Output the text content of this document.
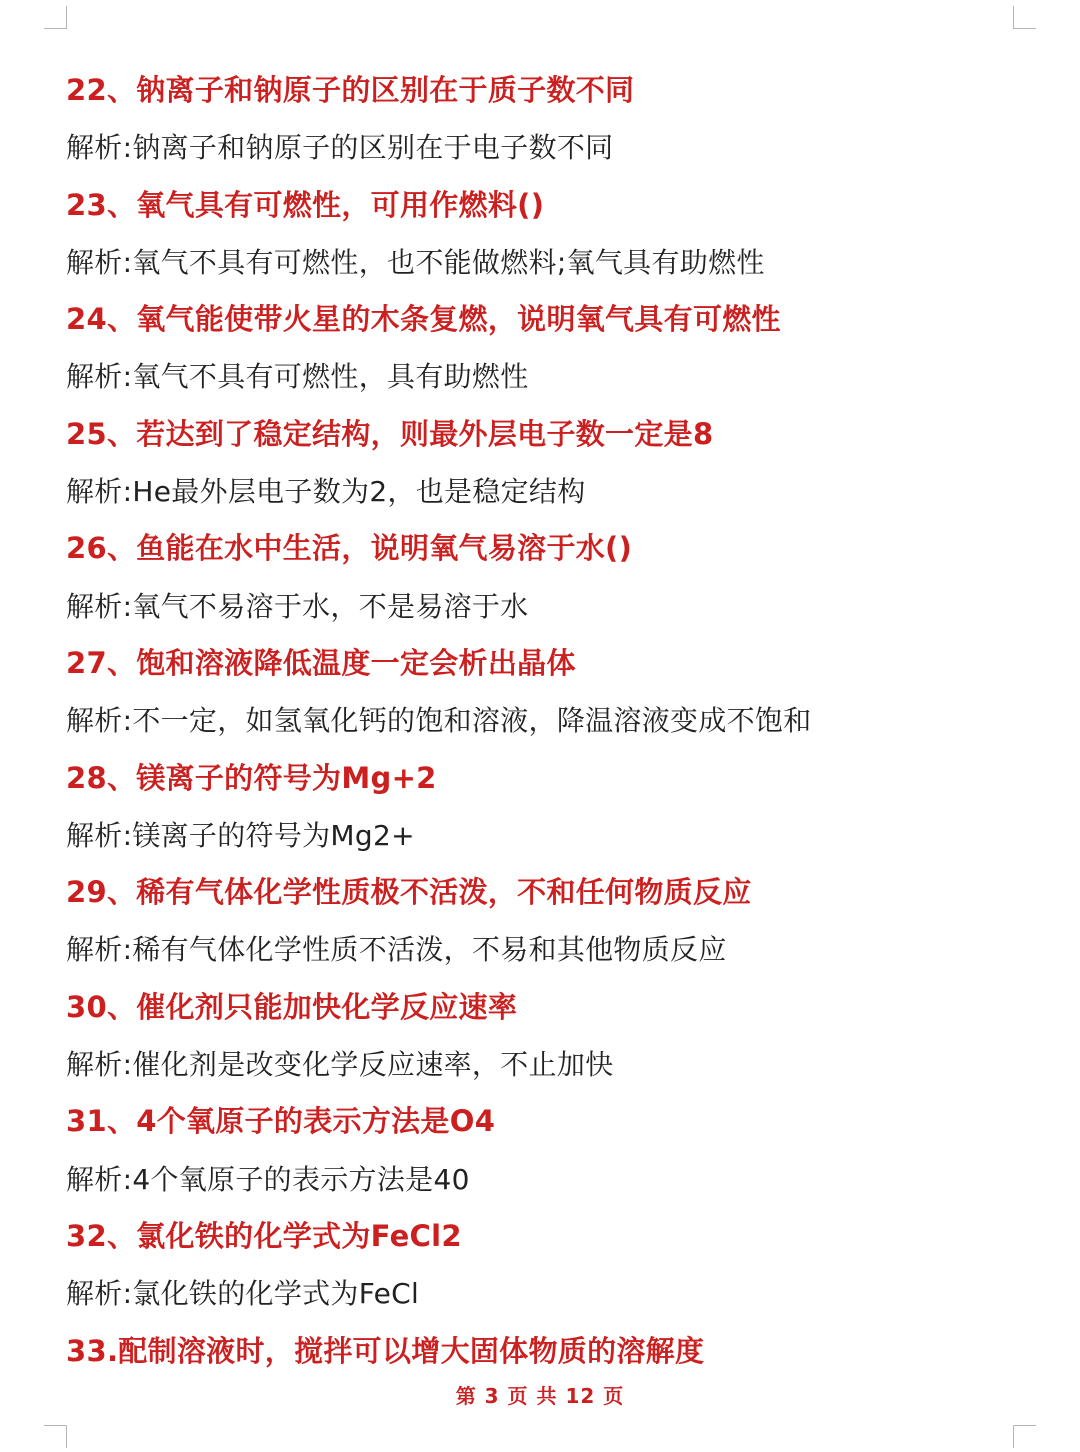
22、钠离子和钠原子的区别在于质子数不同
解析:钠离子和钠原子的区别在于电子数不同
23、氧气具有可燃性，可用作燃料()
解析:氧气不具有可燃性，也不能做燃料;氧气具有助燃性
24、氧气能使带火星的木条复燃，说明氧气具有可燃性
解析:氧气不具有可燃性，具有助燃性
25、若达到了稳定结构，则最外层电子数一定是8
解析:He最外层电子数为2，也是稳定结构
26、鱼能在水中生活，说明氧气易溶于水()
解析:氧气不易溶于水，不是易溶于水
27、饱和溶液降低温度一定会析出晶体
解析:不一定，如氢氧化钙的饱和溶液，降温溶液变成不饱和
28、镁离子的符号为Mg+2
解析:镁离子的符号为Mg2+
29、稀有气体化学性质极不活泼，不和任何物质反应
解析:稀有气体化学性质不活泼，不易和其他物质反应
30、催化剂只能加快化学反应速率
解析:催化剂是改变化学反应速率，不止加快
31、4个氧原子的表示方法是O4
解析:4个氧原子的表示方法是40
32、氯化铁的化学式为FeCl2
解析:氯化铁的化学式为FeCl
33.配制溶液时，搅拌可以增大固体物质的溶解度
第 3 页 共 12 页
